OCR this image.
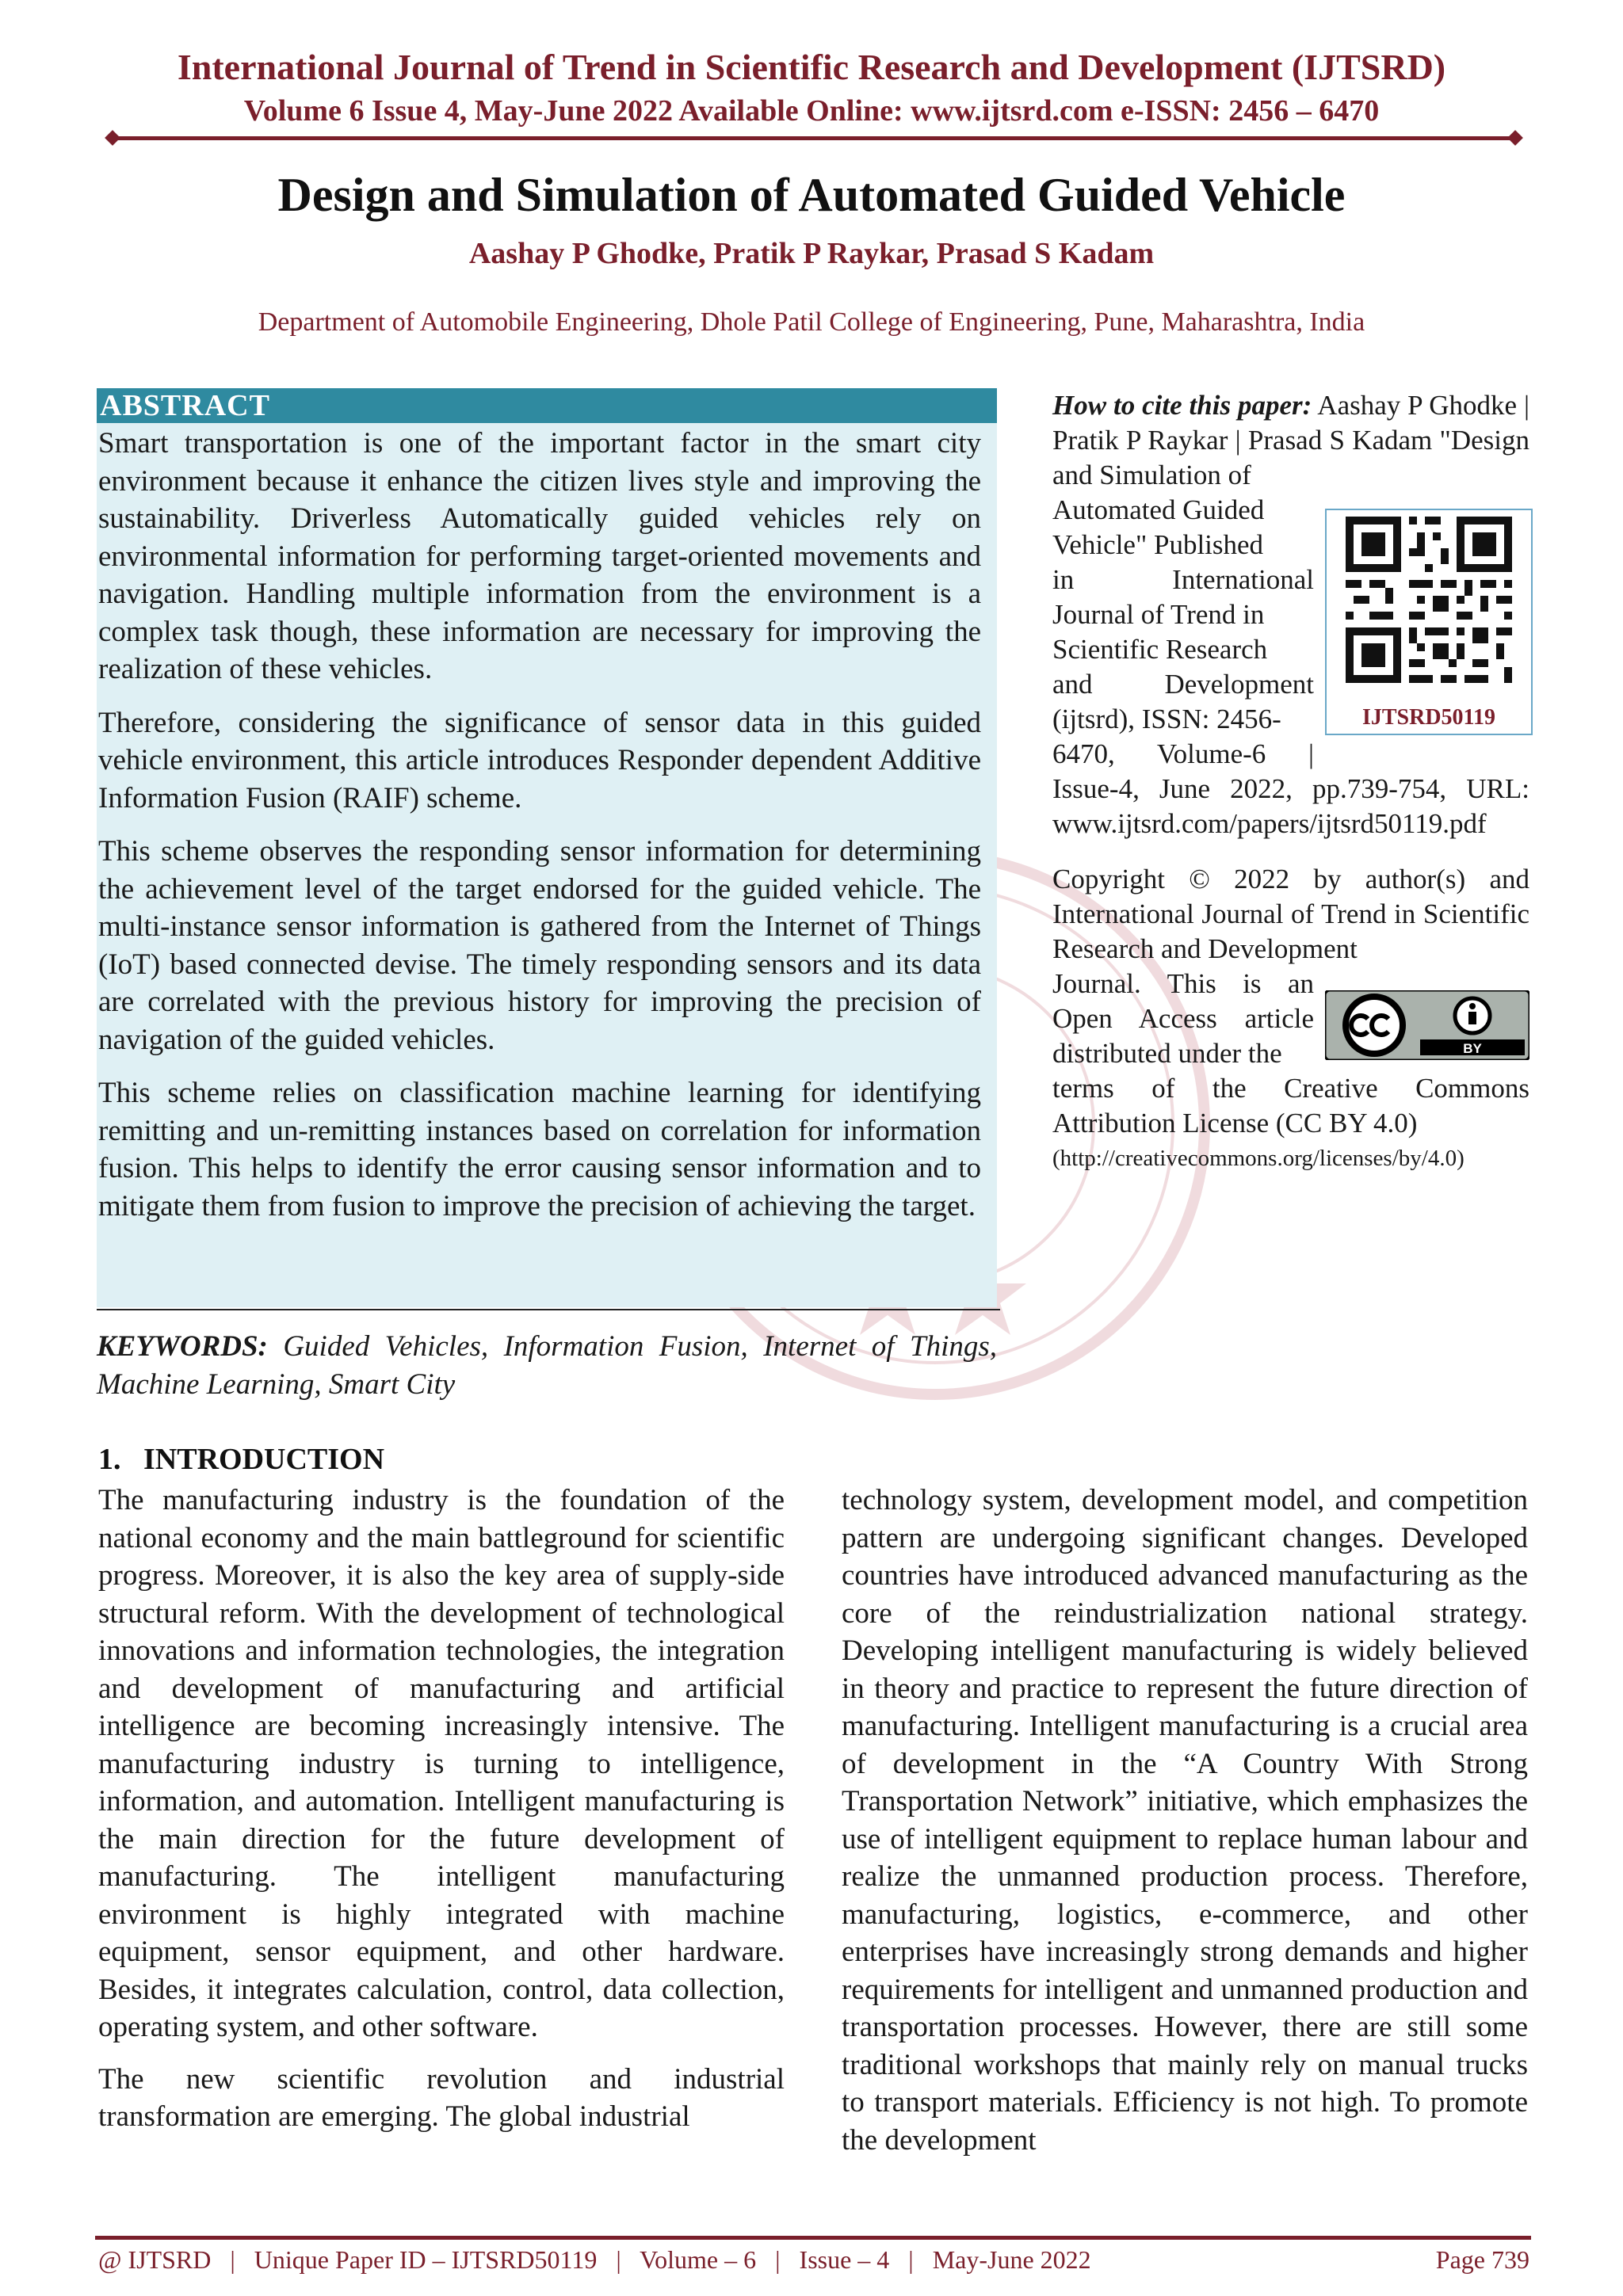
International Journal of Trend in Scientific Research and Development (IJTSRD)
Volume 6 Issue 4, May-June 2022 Available Online: www.ijtsrd.com e-ISSN: 2456 – 6470
Design and Simulation of Automated Guided Vehicle
Aashay P Ghodke, Pratik P Raykar, Prasad S Kadam
Department of Automobile Engineering, Dhole Patil College of Engineering, Pune, Maharashtra, India
ABSTRACT

Smart transportation is one of the important factor in the smart city environment because it enhance the citizen lives style and improving the sustainability. Driverless Automatically guided vehicles rely on environmental information for performing target-oriented movements and navigation. Handling multiple information from the environment is a complex task though, these information are necessary for improving the realization of these vehicles.

Therefore, considering the significance of sensor data in this guided vehicle environment, this article introduces Responder dependent Additive Information Fusion (RAIF) scheme.

This scheme observes the responding sensor information for determining the achievement level of the target endorsed for the guided vehicle. The multi-instance sensor information is gathered from the Internet of Things (IoT) based connected devise. The timely responding sensors and its data are correlated with the previous history for improving the precision of navigation of the guided vehicles.

This scheme relies on classification machine learning for identifying remitting and un-remitting instances based on correlation for information fusion. This helps to identify the error causing sensor information and to mitigate them from fusion to improve the precision of achieving the target.

How to cite this paper: Aashay P Ghodke | Pratik P Raykar | Prasad S Kadam "Design and Simulation of

Automated Guided
Vehicle" Published
in International
Journal of Trend in
Scientific Research
and Development
(ijtsrd), ISSN: 2456-
6470, Volume-6 |

Issue-4, June 2022, pp.739-754, URL: www.ijtsrd.com/papers/ijtsrd50119.pdf

Copyright © 2022 by author(s) and International Journal of Trend in Scientific Research and Development

Journal. This is an
Open Access article
distributed under the

terms of the Creative Commons Attribution License (CC BY 4.0)

(http://creativecommons.org/licenses/by/4.0)

IJTSRD50119
BY
KEYWORDS: Guided Vehicles, Information Fusion, Internet of Things, Machine Learning, Smart City
1.   INTRODUCTION

The manufacturing industry is the foundation of the national economy and the main battleground for scientific progress. Moreover, it is also the key area of supply-side structural reform. With the development of technological innovations and information technologies, the integration and development of manufacturing and artificial intelligence are becoming increasingly intensive. The manufacturing industry is turning to intelligence, information, and automation. Intelligent manufacturing is the main direction for the future development of manufacturing. The intelligent manufacturing environment is highly integrated with machine equipment, sensor equipment, and other hardware. Besides, it integrates calculation, control, data collection, operating system, and other software.

The new scientific revolution and industrial transformation are emerging. The global industrial

technology system, development model, and competition pattern are undergoing significant changes. Developed countries have introduced advanced manufacturing as the core of the reindustrialization national strategy. Developing intelligent manufacturing is widely believed in theory and practice to represent the future direction of manufacturing. Intelligent manufacturing is a crucial area of development in the “A Country With Strong Transportation Network” initiative, which emphasizes the use of intelligent equipment to replace human labour and realize the unmanned production process. Therefore, manufacturing, logistics, e-commerce, and other enterprises have increasingly strong demands and higher requirements for intelligent and unmanned production and transportation processes. However, there are still some traditional workshops that mainly rely on manual trucks to transport materials. Efficiency is not high. To promote the development

@ IJTSRD   |   Unique Paper ID – IJTSRD50119   |   Volume – 6   |   Issue – 4   |   May-June 2022	Page 739
